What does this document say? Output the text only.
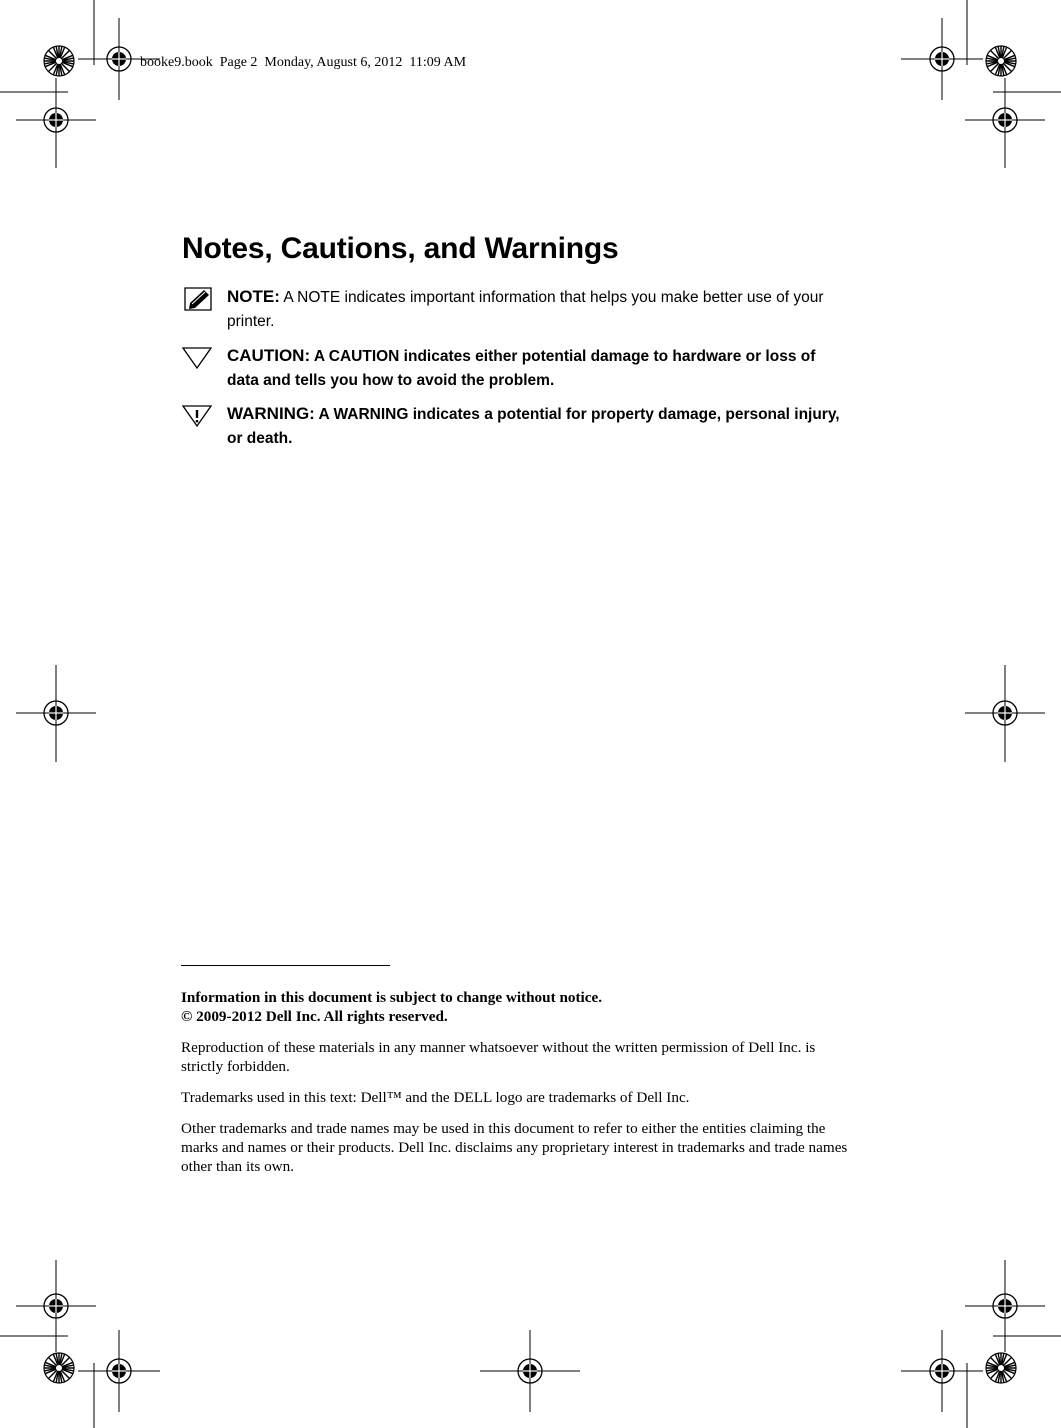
booke9.book  Page 2  Monday, August 6, 2012  11:09 AM
Notes, Cautions, and Warnings
NOTE: A NOTE indicates important information that helps you make better use of your printer.
CAUTION: A CAUTION indicates either potential damage to hardware or loss of data and tells you how to avoid the problem.
WARNING: A WARNING indicates a potential for property damage, personal injury, or death.

Information in this document is subject to change without notice.
© 2009-2012 Dell Inc. All rights reserved.

Reproduction of these materials in any manner whatsoever without the written permission of Dell Inc. is strictly forbidden.

Trademarks used in this text: Dell™ and the DELL logo are trademarks of Dell Inc.

Other trademarks and trade names may be used in this document to refer to either the entities claiming the marks and names or their products. Dell Inc. disclaims any proprietary interest in trademarks and trade names other than its own.
